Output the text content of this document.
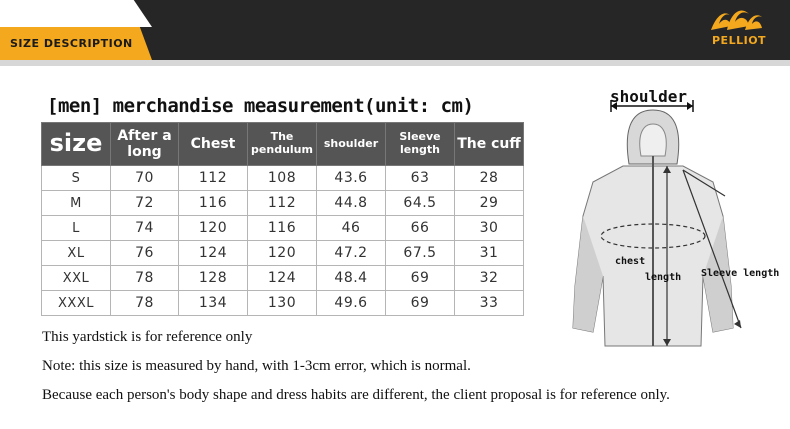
SIZE DESCRIPTION	PELLIOT
[men] merchandise measurement (unit: cm)
size	After a long	Chest	The pendulum	shoulder	Sleeve length	The cuff
S	70	112	108	43.6	63	28
M	72	116	112	44.8	64.5	29
L	74	120	116	46	66	30
XL	76	124	120	47.2	67.5	31
XXL	78	128	124	48.4	69	32
XXXL	78	134	130	49.6	69	33
This yardstick is for reference only
Note: this size is measured by hand, with 1-3cm error, which is normal.
Because each person's body shape and dress habits are different, the client proposal is for reference only.
shoulder
chest
length Sleeve length
